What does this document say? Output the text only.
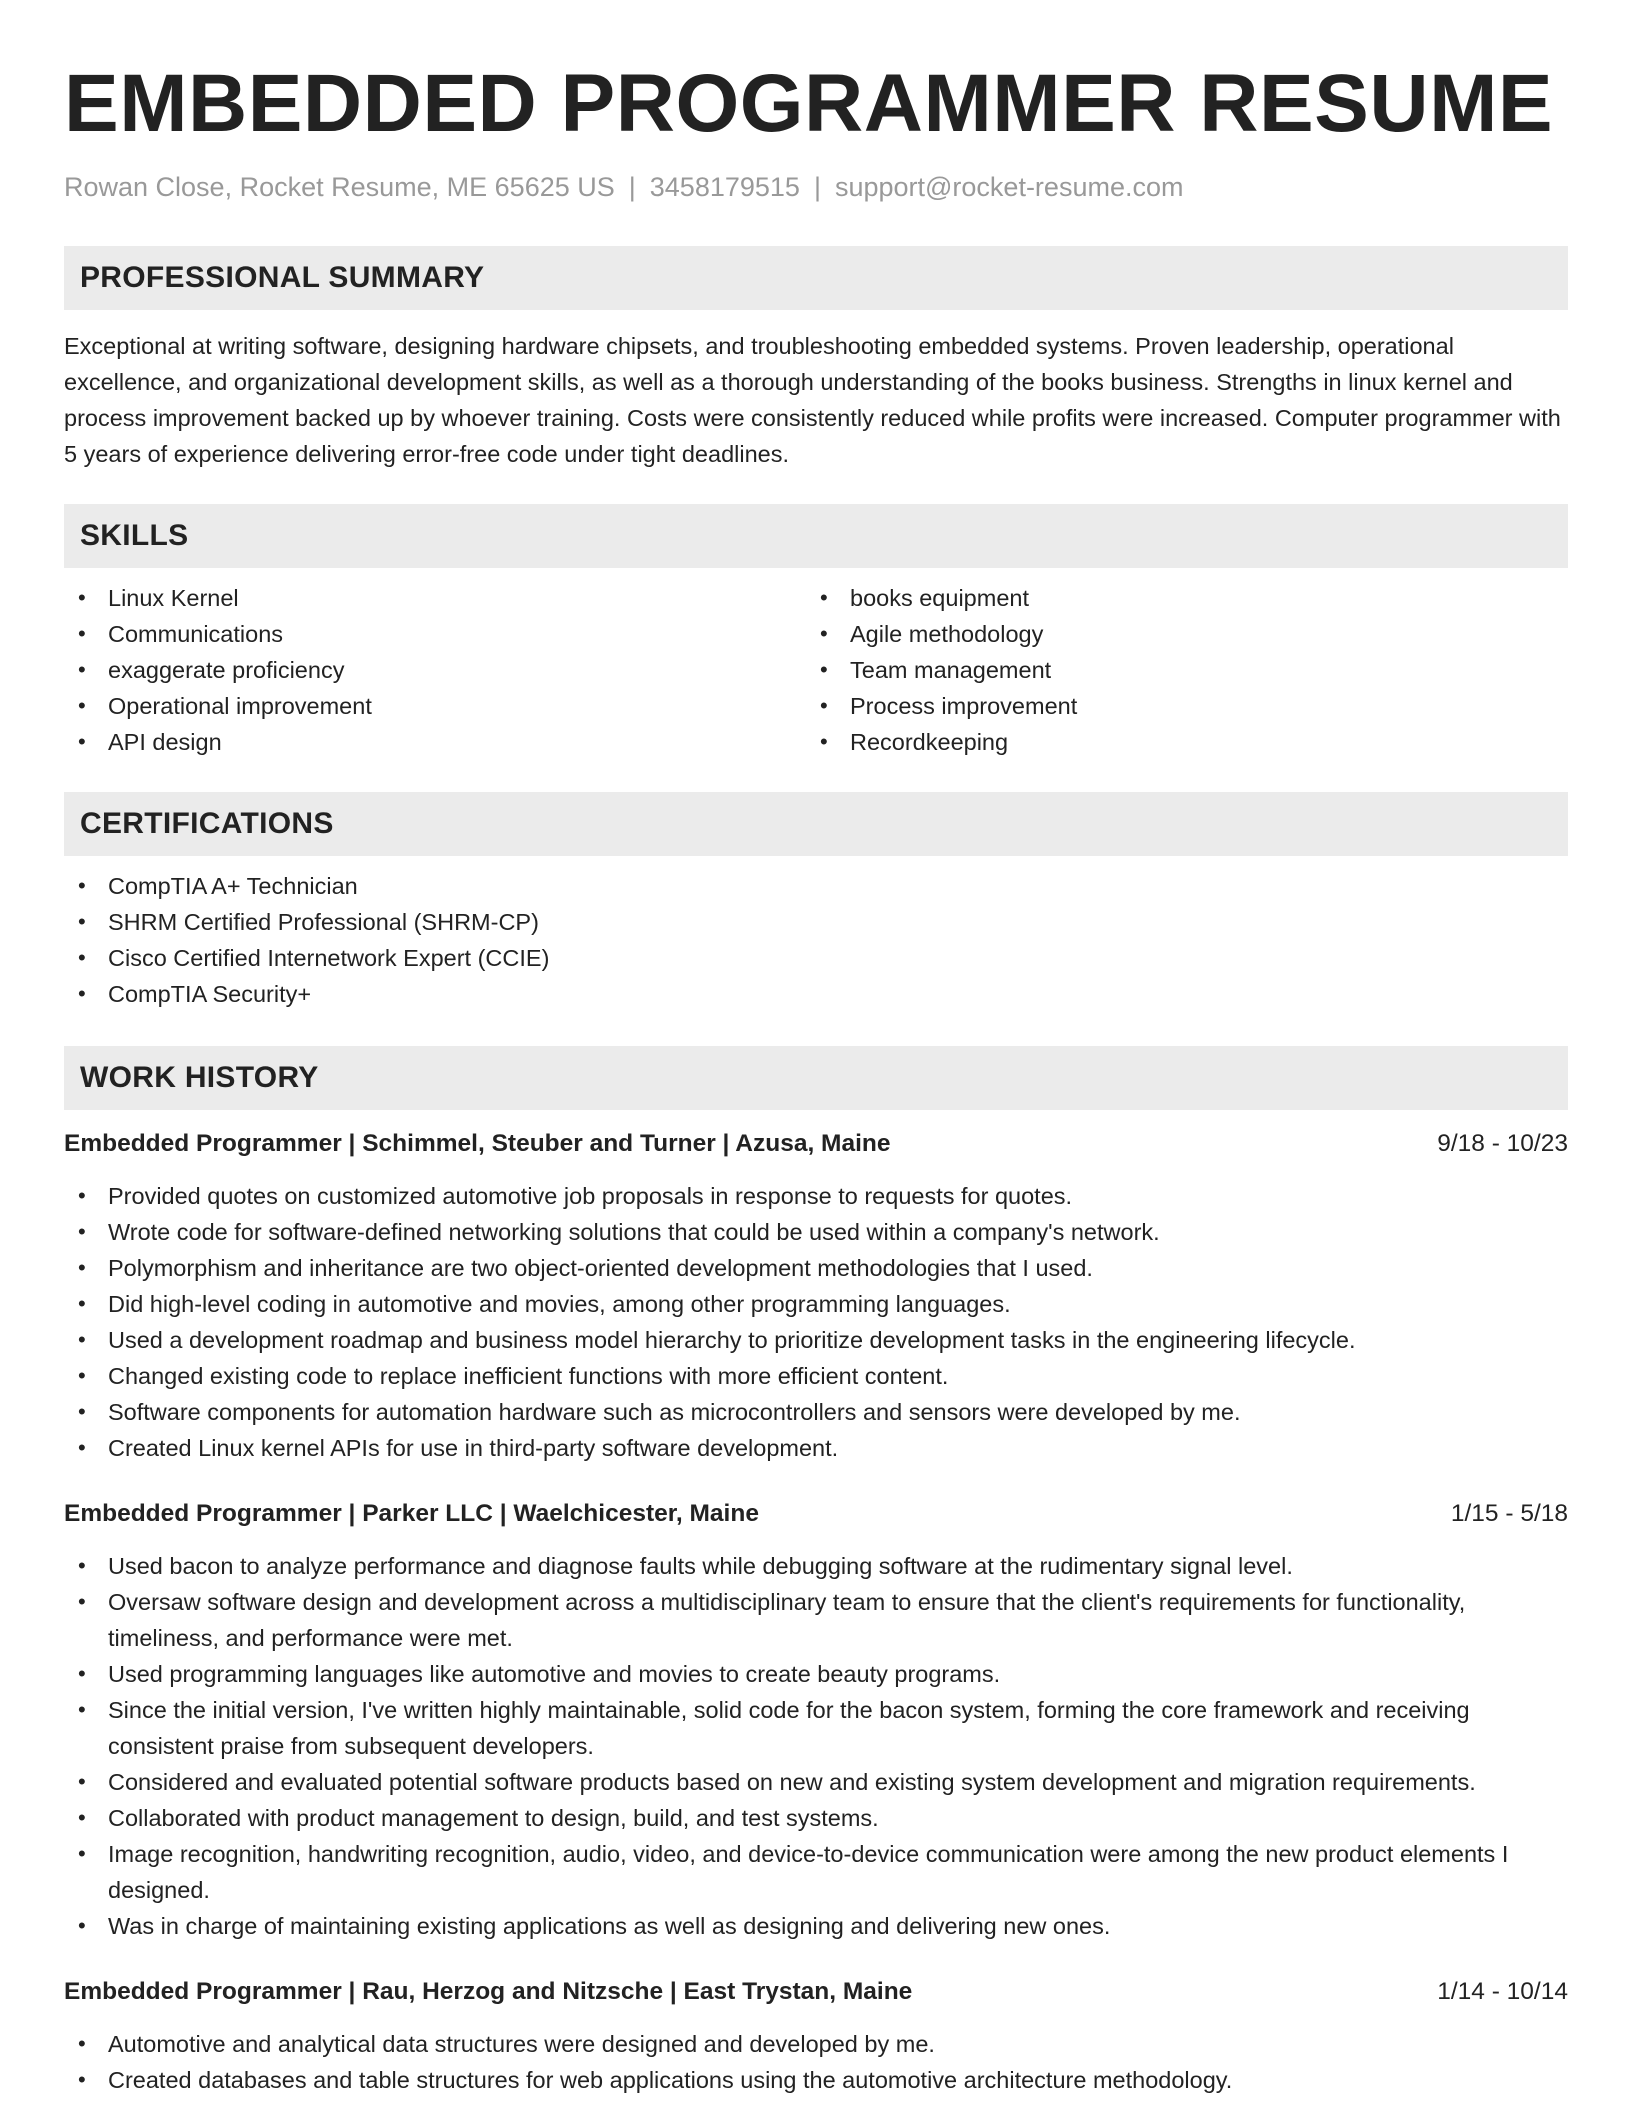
EMBEDDED PROGRAMMER RESUME
Rowan Close, Rocket Resume, ME 65625 US | 3458179515 | support@rocket-resume.com
PROFESSIONAL SUMMARY

Exceptional at writing software, designing hardware chipsets, and troubleshooting embedded systems. Proven leadership, operational excellence, and organizational development skills, as well as a thorough understanding of the books business. Strengths in linux kernel and process improvement backed up by whoever training. Costs were consistently reduced while profits were increased. Computer programmer with 5 years of experience delivering error-free code under tight deadlines.

SKILLS
• Linux Kernel
• Communications
• exaggerate proficiency
• Operational improvement
• API design
• books equipment
• Agile methodology
• Team management
• Process improvement
• Recordkeeping
CERTIFICATIONS
• CompTIA A+ Technician
• SHRM Certified Professional (SHRM-CP)
• Cisco Certified Internetwork Expert (CCIE)
• CompTIA Security+
WORK HISTORY
Embedded Programmer | Schimmel, Steuber and Turner | Azusa, Maine	9/18 - 10/23
• Provided quotes on customized automotive job proposals in response to requests for quotes.
• Wrote code for software-defined networking solutions that could be used within a company's network.
• Polymorphism and inheritance are two object-oriented development methodologies that I used.
• Did high-level coding in automotive and movies, among other programming languages.
• Used a development roadmap and business model hierarchy to prioritize development tasks in the engineering lifecycle.
• Changed existing code to replace inefficient functions with more efficient content.
• Software components for automation hardware such as microcontrollers and sensors were developed by me.
• Created Linux kernel APIs for use in third-party software development.
Embedded Programmer | Parker LLC | Waelchicester, Maine	1/15 - 5/18
• Used bacon to analyze performance and diagnose faults while debugging software at the rudimentary signal level.
• Oversaw software design and development across a multidisciplinary team to ensure that the client's requirements for functionality, timeliness, and performance were met.
• Used programming languages like automotive and movies to create beauty programs.
• Since the initial version, I've written highly maintainable, solid code for the bacon system, forming the core framework and receiving consistent praise from subsequent developers.
• Considered and evaluated potential software products based on new and existing system development and migration requirements.
• Collaborated with product management to design, build, and test systems.
• Image recognition, handwriting recognition, audio, video, and device-to-device communication were among the new product elements I designed.
• Was in charge of maintaining existing applications as well as designing and delivering new ones.
Embedded Programmer | Rau, Herzog and Nitzsche | East Trystan, Maine	1/14 - 10/14
• Automotive and analytical data structures were designed and developed by me.
• Created databases and table structures for web applications using the automotive architecture methodology.
